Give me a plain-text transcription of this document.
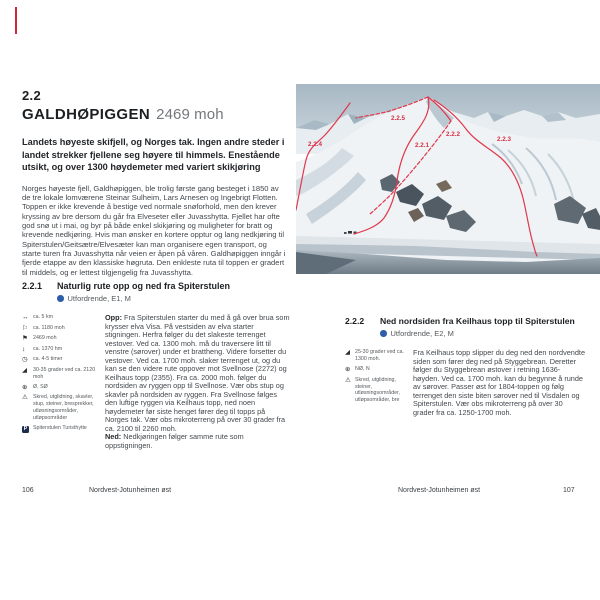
2.2
GALDHØPIGGEN 2469 moh
Landets høyeste skifjell, og Norges tak. Ingen andre steder i landet strekker fjellene seg høyere til himmels. Enestående utsikt, og over 1300 høydemeter med variert skikjøring
Norges høyeste fjell, Galdhøpiggen, ble trolig første gang besteget i 1850 av de tre lokale lomværene Steinar Sulheim, Lars Arnesen og Ingebrigt Flotten. Toppen er ikke krevende å bestige ved normale snøforhold, men den krever kryssing av bre dersom du går fra Elveseter eller Juvasshytta. Fjellet har ofte god snø ut i mai, og byr på både enkel skikjøring og muligheter for bratt og krevende nedkjøring. Hvis man ønsker en kortere opptur og lang nedkjøring til Spiterstulen/Geitsætre/Elvesæter kan man organisere egen transport, og starte turen fra Juvasshytta når veien er åpen på våren. Galdhøpiggen inngår i fjerde etappe av den klassiske høgruta. Den enkleste ruta til toppen er gradert til middels, og er lettest tilgjengelig fra Juvasshytta.
2.2.1	Naturlig rute opp og ned fra Spiterstulen
Utfordrende, E1, M
↔ ca. 5 km
⚐ ca. 1180 moh
⚑ 2469 moh
↕	ca. 1370 hm
◷	ca. 4-5 timer
◢	30-35 grader ved ca. 2120 moh
⊕	Ø, SØ
⚠ Skred, utglidning, skavler, stup, steiner, bresprekker, utløsningsområder, utløpsområder
P	Spiterstulen Turisthytte

Opp: Fra Spiterstulen starter du med å gå over brua som krysser elva Visa. På vestsiden av elva starter stigningen. Herfra følger du det slakeste terrenget vestover. Ved ca. 1300 moh. må du traversere litt til venstre (sørover) under et brattheng. Videre forsetter du vestover. Ved ca. 1700 moh. slaker terrenget ut, og du kan se den videre rute oppover mot Svellnose (2272) og Keilhaus topp (2355). Fra ca. 2000 moh. følger du nordsiden av ryggen opp til Svellnose. Vær obs stup og skavler på nordsiden av ryggen. Fra Svellnose følges den luftige ryggen via Keilhaus topp, ned noen høydemeter før siste henget fører deg til topps på Norges tak. Vær obs mikroterreng på over 30 grader fra ca. 2100 til 2260 moh.

Ned: Nedkjøringen følger samme rute som oppstigningen.

106	Nordvest-Jotunheimen øst
2.2.4
2.2.5
2.2.1
2.2.2
2.2.3
2.2.2	Ned nordsiden fra Keilhaus topp til Spiterstulen
Utfordrende, E2, M
◢ 25-30 grader ved ca. 1300 moh.
⊕ NØ, N
⚠ Skred, utglidning, steiner, utløsningsområder, utløpsområder, bre

Fra Keilhaus topp slipper du deg ned den nordvendte siden som fører deg ned på Styggebrean. Deretter følger du Styggebrean østover i retning 1636-høyden. Ved ca. 1700 moh. kan du begynne å runde av sørover. Passer øst for 1804-toppen og følg terrenget den siste biten sørover ned til Visdalen og Spiterstulen. Vær obs mikroterreng på over 30 grader fra ca. 1250-1700 moh.

Nordvest-Jotunheimen øst	107
